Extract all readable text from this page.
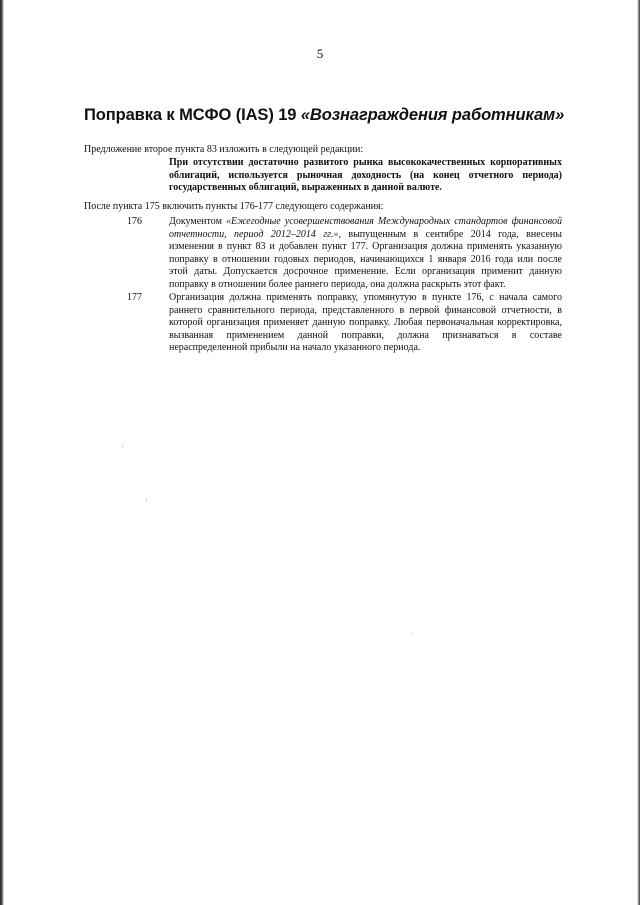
5
Поправка к МСФО (IAS) 19 «Вознаграждения работникам»
Предложение второе пункта 83 изложить в следующей редакции:
При отсутствии достаточно развитого рынка высококачественных корпоративных облигаций, используется рыночная доходность (на конец отчетного периода) государственных облигаций, выраженных в данной валюте.
После пункта 175 включить пункты 176-177 следующего содержания:
176	Документом «Ежегодные усовершенствования Международных стандартов финансовой отчетности, период 2012–2014 гг.», выпущенным в сентябре 2014 года, внесены изменения в пункт 83 и добавлен пункт 177. Организация должна применять указанную поправку в отношении годовых периодов, начинающихся 1 января 2016 года или после этой даты. Допускается досрочное применение. Если организация применит данную поправку в отношении более раннего периода, она должна раскрыть этот факт.
177	Организация должна применять поправку, упомянутую в пункте 176, с начала самого раннего сравнительного периода, представленного в первой финансовой отчетности, в которой организация применяет данную поправку. Любая первоначальная корректировка, вызванная применением данной поправки, должна признаваться в составе нераспределенной прибыли на начало указанного периода.
